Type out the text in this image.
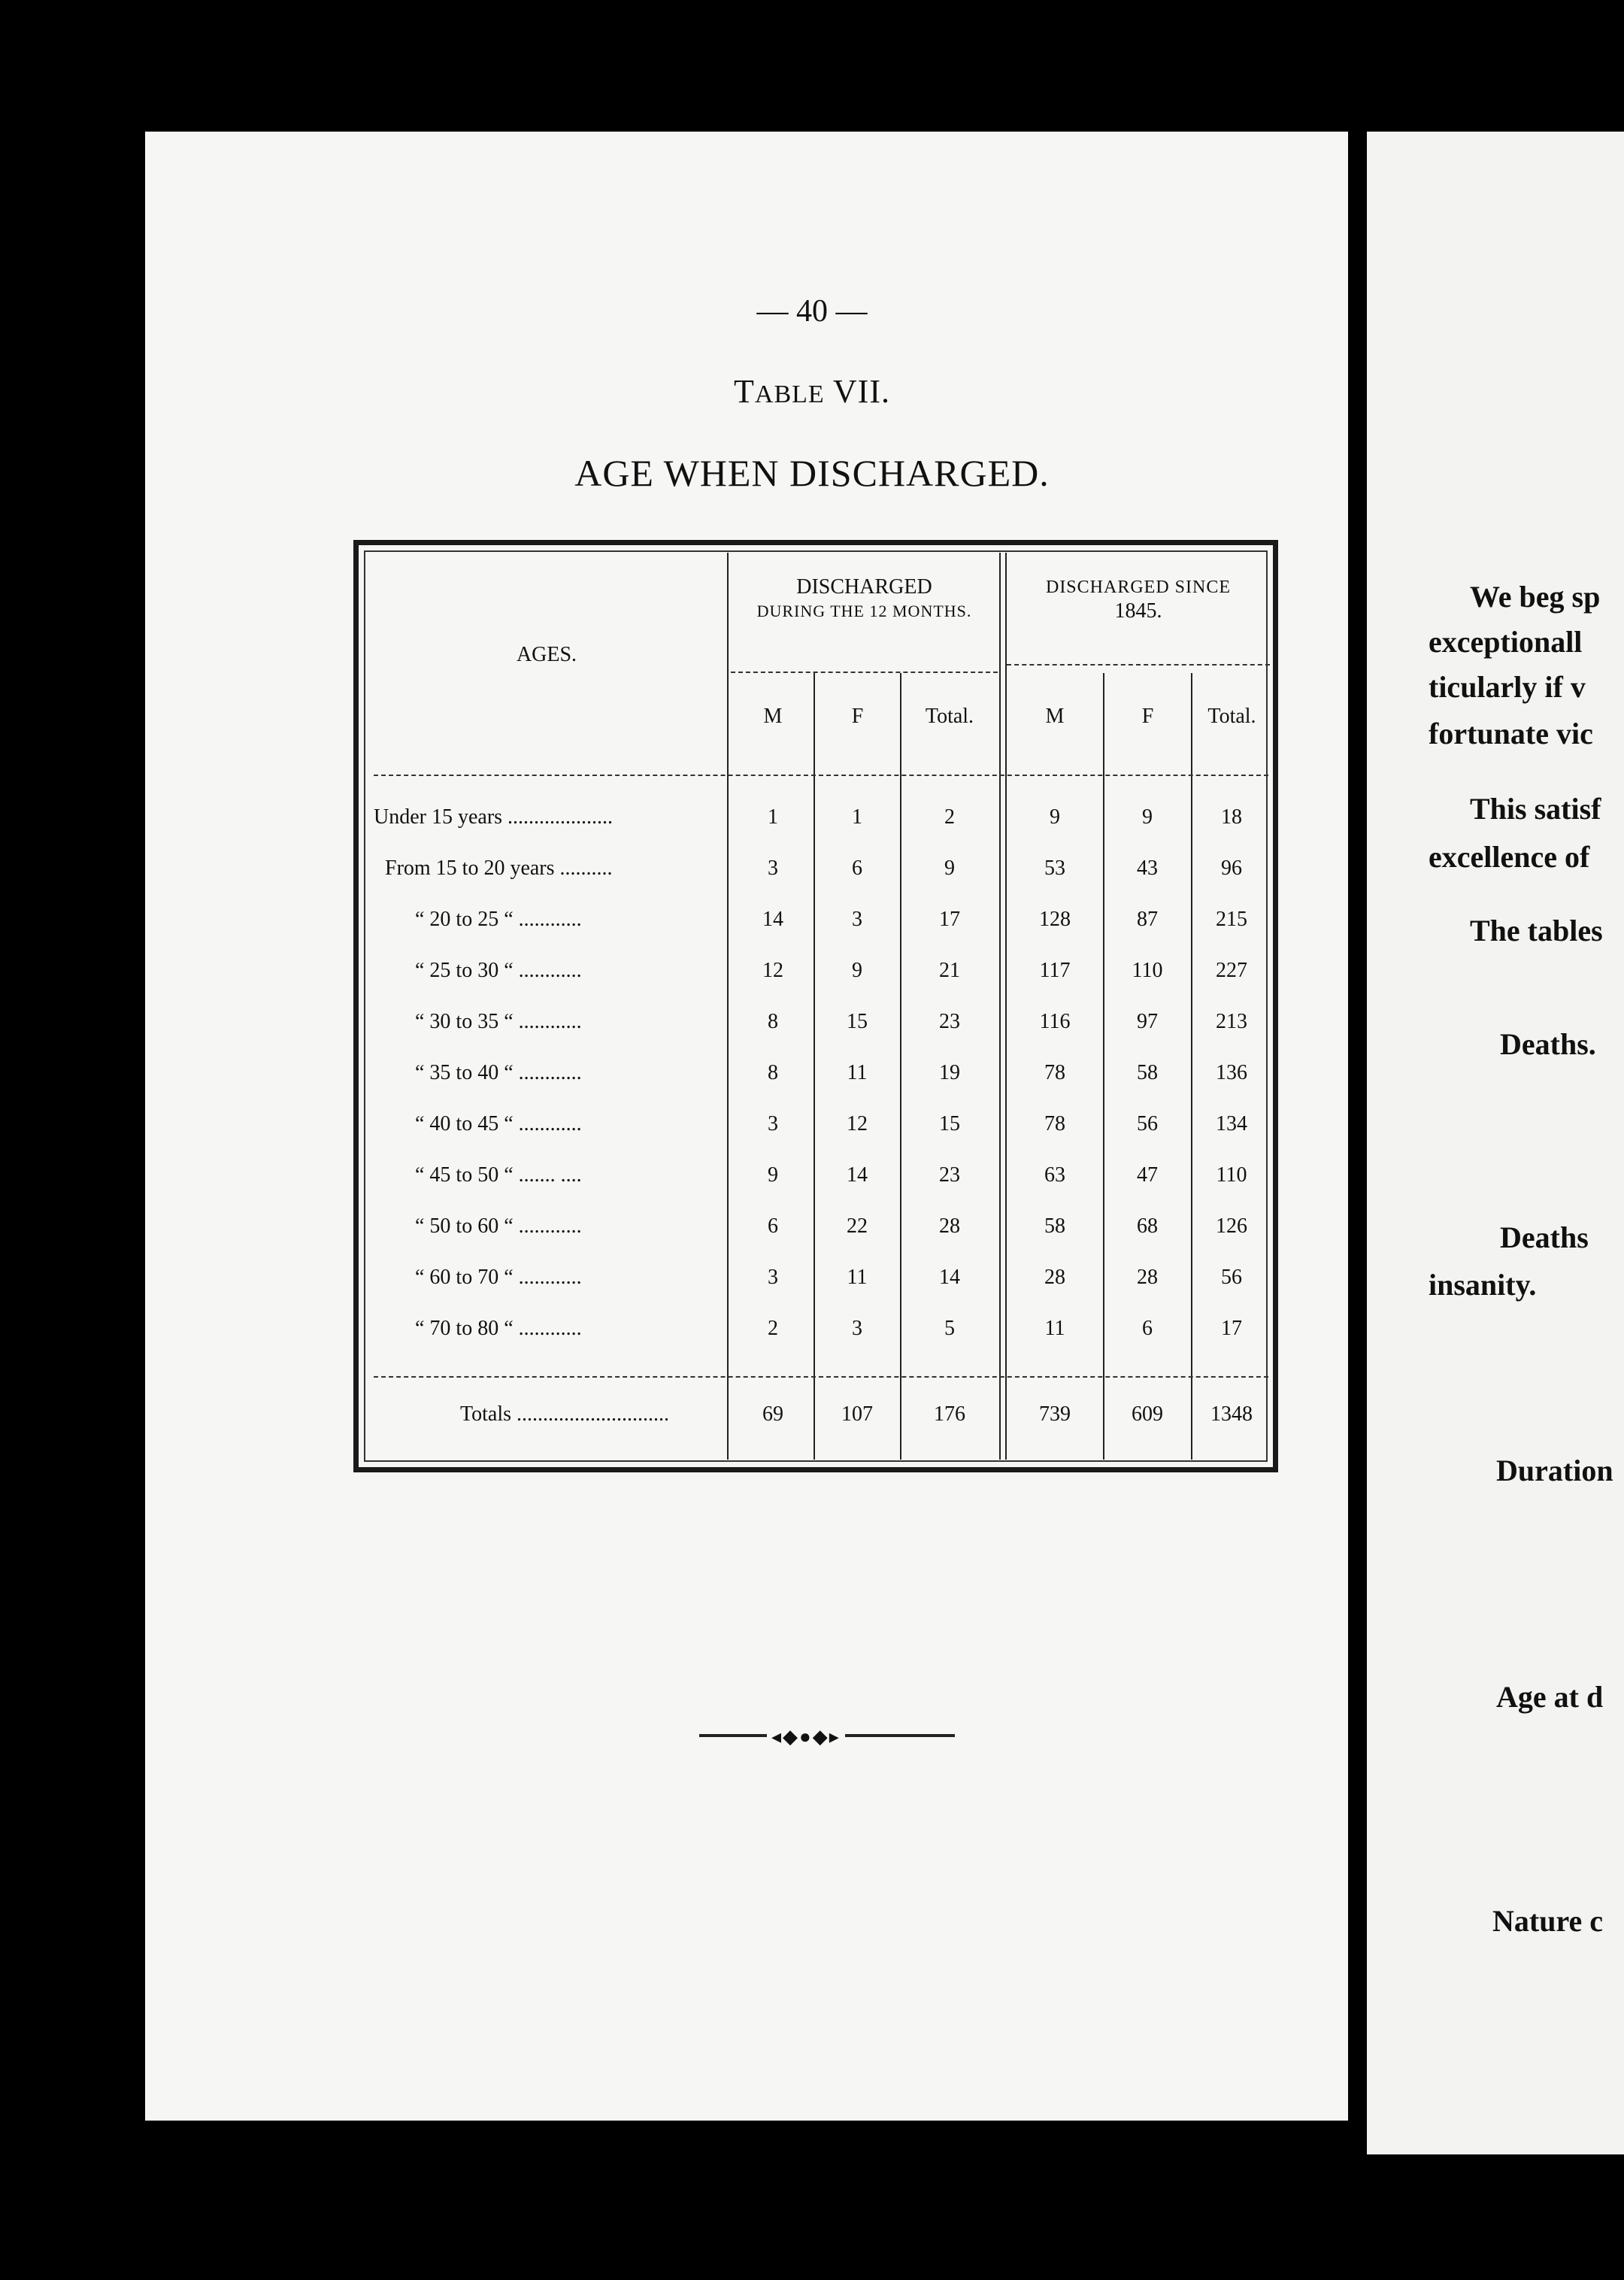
— 40 —
TABLE VII.
AGE WHEN DISCHARGED.
AGES.
DISCHARGED
DURING THE 12 MONTHS.
DISCHARGED SINCE
1845.
M	F	Total.	M	F	Total.
Under 15 years ....................	1	1	2	9	9	18
From 15 to 20 years ..........	3	6	9	53	43	96
“ 20 to 25 “ ............	14	3	17	128	87	215
“ 25 to 30 “ ............	12	9	21	117	110	227
“ 30 to 35 “ ............	8	15	23	116	97	213
“ 35 to 40 “ ............	8	11	19	78	58	136
“ 40 to 45 “ ............	3	12	15	78	56	134
“ 45 to 50 “ ....... ....	9	14	23	63	47	110
“ 50 to 60 “ ............	6	22	28	58	68	126
“ 60 to 70 “ ............	3	11	14	28	28	56
“ 70 to 80 “ ............	2	3	5	11	6	17
Totals .............................	69	107	176	739	609	1348
◂◆●◆▸
We beg sp
exceptionall
ticularly if v
fortunate vic
This satisf
excellence of
The tables
Deaths.
Deaths
insanity.
Duration
Age at d
Nature c
